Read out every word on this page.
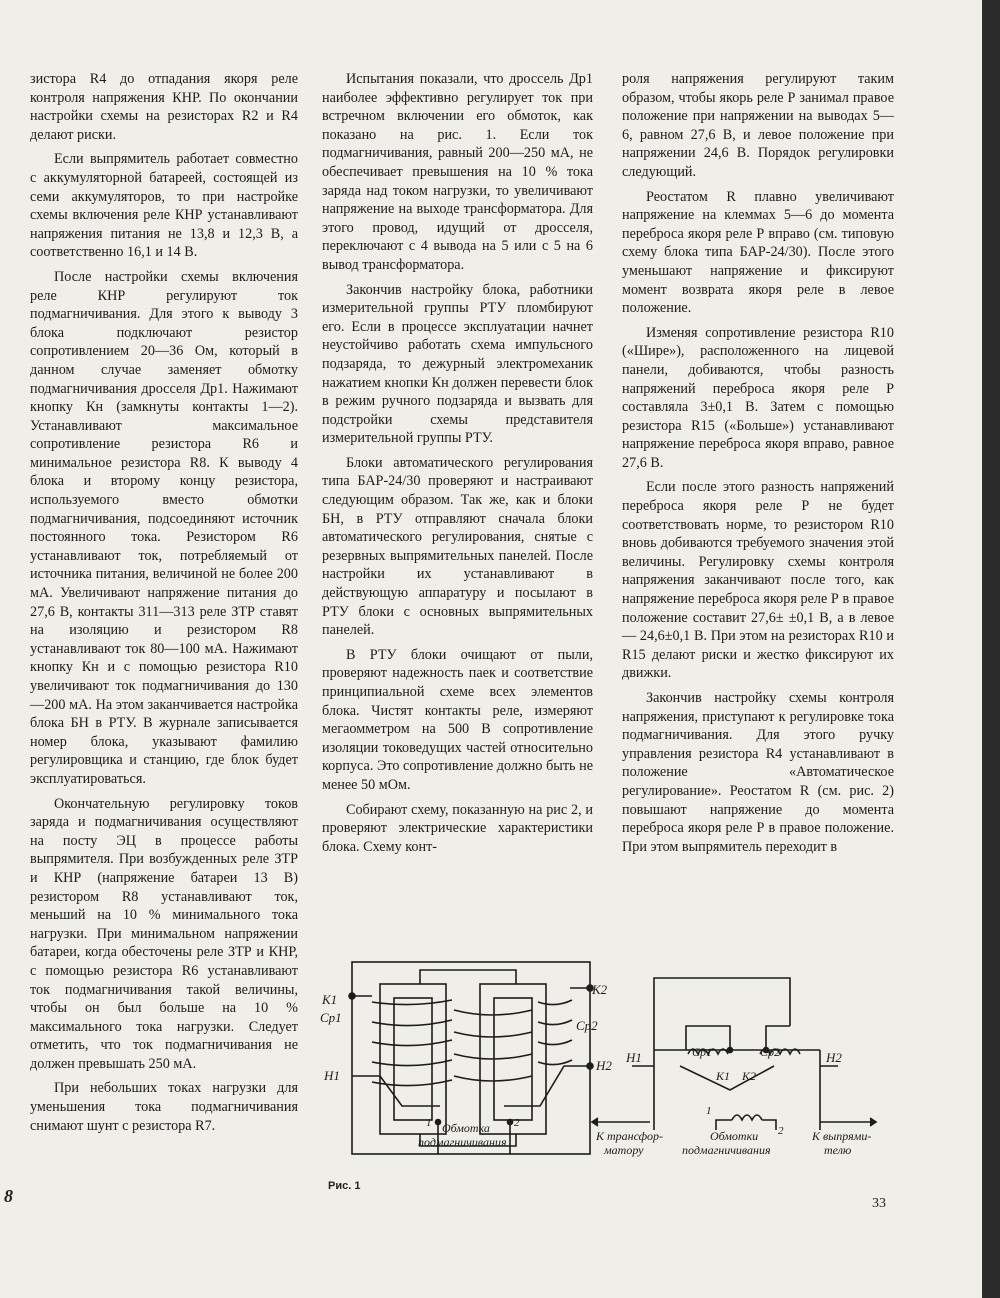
зистора R4 до отпадания якоря реле контроля напряжения КНР. По окончании настройки схемы на резисторах R2 и R4 делают риски.

Если выпрямитель работает совместно с аккумуляторной батареей, состоящей из семи аккумуляторов, то при настройке схемы включения реле КНР устанавливают напряжения питания не 13,8 и 12,3 В, а соответственно 16,1 и 14 В.

После настройки схемы включения реле КНР регулируют ток подмагничивания. Для этого к выводу 3 блока подключают резистор сопротивлением 20—36 Ом, который в данном случае заменяет обмотку подмагничивания дросселя Др1. Нажимают кнопку Кн (замкнуты контакты 1—2). Устанавливают максимальное сопротивление резистора R6 и минимальное резистора R8. К выводу 4 блока и второму концу резистора, используемого вместо обмотки подмагничивания, подсоединяют источник постоянного тока. Резистором R6 устанавливают ток, потребляемый от источника питания, величиной не более 200 мА. Увеличивают напряжение питания до 27,6 В, контакты 311—313 реле ЗТР ставят на изоляцию и резистором R8 устанавливают ток 80—100 мА. Нажимают кнопку Кн и с помощью резистора R10 увеличивают ток подмагничивания до 130—200 мА. На этом заканчивается настройка блока БН в РТУ. В журнале записывается номер блока, указывают фамилию регулировщика и станцию, где блок будет эксплуатироваться.

Окончательную регулировку токов заряда и подмагничивания осуществляют на посту ЭЦ в процессе работы выпрямителя. При возбужденных реле ЗТР и КНР (напряжение батареи 13 В) резистором R8 устанавливают ток, меньший на 10 % минимального тока нагрузки. При минимальном напряжении батареи, когда обесточены реле ЗТР и КНР, с помощью резистора R6 устанавливают ток подмагничивания такой величины, чтобы он был больше на 10 % максимального тока нагрузки. Следует отметить, что ток подмагничивания не должен превышать 250 мА.

При небольших токах нагрузки для уменьшения тока подмагничивания снимают шунт с резистора R7.

Испытания показали, что дроссель Др1 наиболее эффективно регулирует ток при встречном включении его обмоток, как показано на рис. 1. Если ток подмагничивания, равный 200—250 мА, не обеспечивает превышения на 10 % тока заряда над током нагрузки, то увеличивают напряжение на выходе трансформатора. Для этого провод, идущий от дросселя, переключают с 4 вывода на 5 или с 5 на 6 вывод трансформатора.

Закончив настройку блока, работники измерительной группы РТУ пломбируют его. Если в процессе эксплуатации начнет неустойчиво работать схема импульсного подзаряда, то дежурный электромеханик нажатием кнопки Кн должен перевести блок в режим ручного подзаряда и вызвать для подстройки схемы представителя измерительной группы РТУ.

Блоки автоматического регулирования типа БАР-24/30 проверяют и настраивают следующим образом. Так же, как и блоки БН, в РТУ отправляют сначала блоки автоматического регулирования, снятые с резервных выпрямительных панелей. После настройки их устанавливают в действующую аппаратуру и посылают в РТУ блоки с основных выпрямительных панелей.

В РТУ блоки очищают от пыли, проверяют надежность паек и соответствие принципиальной схеме всех элементов блока. Чистят контакты реле, измеряют мегаомметром на 500 В сопротивление изоляции токоведущих частей относительно корпуса. Это сопротивление должно быть не менее 50 мОм.

Собирают схему, показанную на рис 2, и проверяют электрические характеристики блока. Схему конт-

роля напряжения регулируют таким образом, чтобы якорь реле Р занимал правое положение при напряжении на выводах 5—6, равном 27,6 В, и левое положение при напряжении 24,6 В. Порядок регулировки следующий.

Реостатом R плавно увеличивают напряжение на клеммах 5—6 до момента переброса якоря реле Р вправо (см. типовую схему блока типа БАР-24/30). После этого уменьшают напряжение и фиксируют момент возврата якоря реле в левое положение.

Изменяя сопротивление резистора R10 («Шире»), расположенного на лицевой панели, добиваются, чтобы разность напряжений переброса якоря реле Р составляла 3±0,1 В. Затем с помощью резистора R15 («Больше») устанавливают напряжение переброса якоря вправо, равное 27,6 В.

Если после этого разность напряжений переброса якоря реле Р не будет соответствовать норме, то резистором R10 вновь добиваются требуемого значения этой величины. Регулировку схемы контроля напряжения заканчивают после того, как напряжение переброса якоря реле Р в правое положение составит 27,6± ±0,1 В, а в левое — 24,6±0,1 В. При этом на резисторах R10 и R15 делают риски и жестко фиксируют их движки.

Закончив настройку схемы контроля напряжения, приступают к регулировке тока подмагничивания. Для этого ручку управления резистора R4 устанавливают в положение «Автоматическое регулирование». Реостатом R (см. рис. 2) повышают напряжение до момента переброса якоря реле Р в правое положение. При этом выпрямитель переходит в

К1
Ср1
Н1
К2
Ср2
Н2
1	2
Обмотка
подмагничивания
Н1	Ср1	Ср2
К1 К2
Н2
1
2
К трансфор-
матору
Обмотки
подмагничивания
К выпрями-
телю
Рис. 1
33
8
